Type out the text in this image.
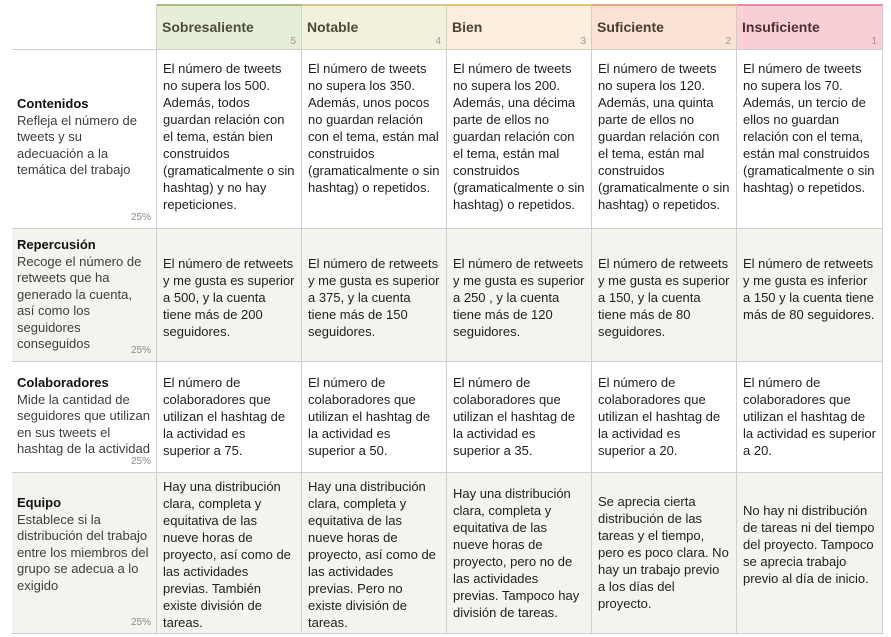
Sobresaliente
5
Notable
4
Bien
3
Suficiente
2
Insuficiente
1
Contenidos
Refleja el número de tweets y su adecuación a la temática del trabajo
25%
El número de tweets no supera los 500. Además, todos guardan relación con el tema, están bien construidos (gramaticalmente o sin hashtag) y no hay repeticiones.
El número de tweets no supera los 350. Además, unos pocos no guardan relación con el tema, están mal construidos (gramaticalmente o sin hashtag) o repetidos.
El número de tweets no supera los 200. Además, una décima parte de ellos no guardan relación con el tema, están mal construidos (gramaticalmente o sin hashtag) o repetidos.
El número de tweets no supera los 120. Además, una quinta parte de ellos no guardan relación con el tema, están mal construidos (gramaticalmente o sin hashtag) o repetidos.
El número de tweets no supera los 70. Además, un tercio de ellos no guardan relación con el tema, están mal construidos (gramaticalmente o sin hashtag) o repetidos.
Repercusión
Recoge el número de retweets que ha generado la cuenta, así como los seguidores conseguidos	25%
El número de retweets y me gusta es superior a 500, y la cuenta tiene más de 200 seguidores.
El número de retweets y me gusta es superior a 375, y la cuenta tiene más de 150 seguidores.
El número de retweets y me gusta es superior a 250 , y la cuenta tiene más de 120 seguidores.
El número de retweets y me gusta es superior a 150, y la cuenta tiene más de 80 seguidores.
El número de retweets y me gusta es inferior a 150 y la cuenta tiene más de 80 seguidores.
Colaboradores
Mide la cantidad de seguidores que utilizan en sus tweets el hashtag de la actividad
25%
El número de colaboradores que utilizan el hashtag de la actividad es superior a 75.
El número de colaboradores que utilizan el hashtag de la actividad es superior a 50.
El número de colaboradores que utilizan el hashtag de la actividad es superior a 35.
El número de colaboradores que utilizan el hashtag de la actividad es superior a 20.
El número de colaboradores que utilizan el hashtag de la actividad es superior a 20.
Equipo
Establece si la distribución del trabajo entre los miembros del grupo se adecua a lo exigido
25%
Hay una distribución clara, completa y equitativa de las nueve horas de proyecto, así como de las actividades previas. También existe división de tareas.
Hay una distribución clara, completa y equitativa de las nueve horas de proyecto, así como de las actividades previas. Pero no existe división de tareas.
Hay una distribución clara, completa y equitativa de las nueve horas de proyecto, pero no de las actividades previas. Tampoco hay división de tareas.
Se aprecia cierta distribución de las tareas y el tiempo, pero es poco clara. No hay un trabajo previo a los días del proyecto.
No hay ni distribución de tareas ni del tiempo del proyecto. Tampoco se aprecia trabajo previo al día de inicio.
